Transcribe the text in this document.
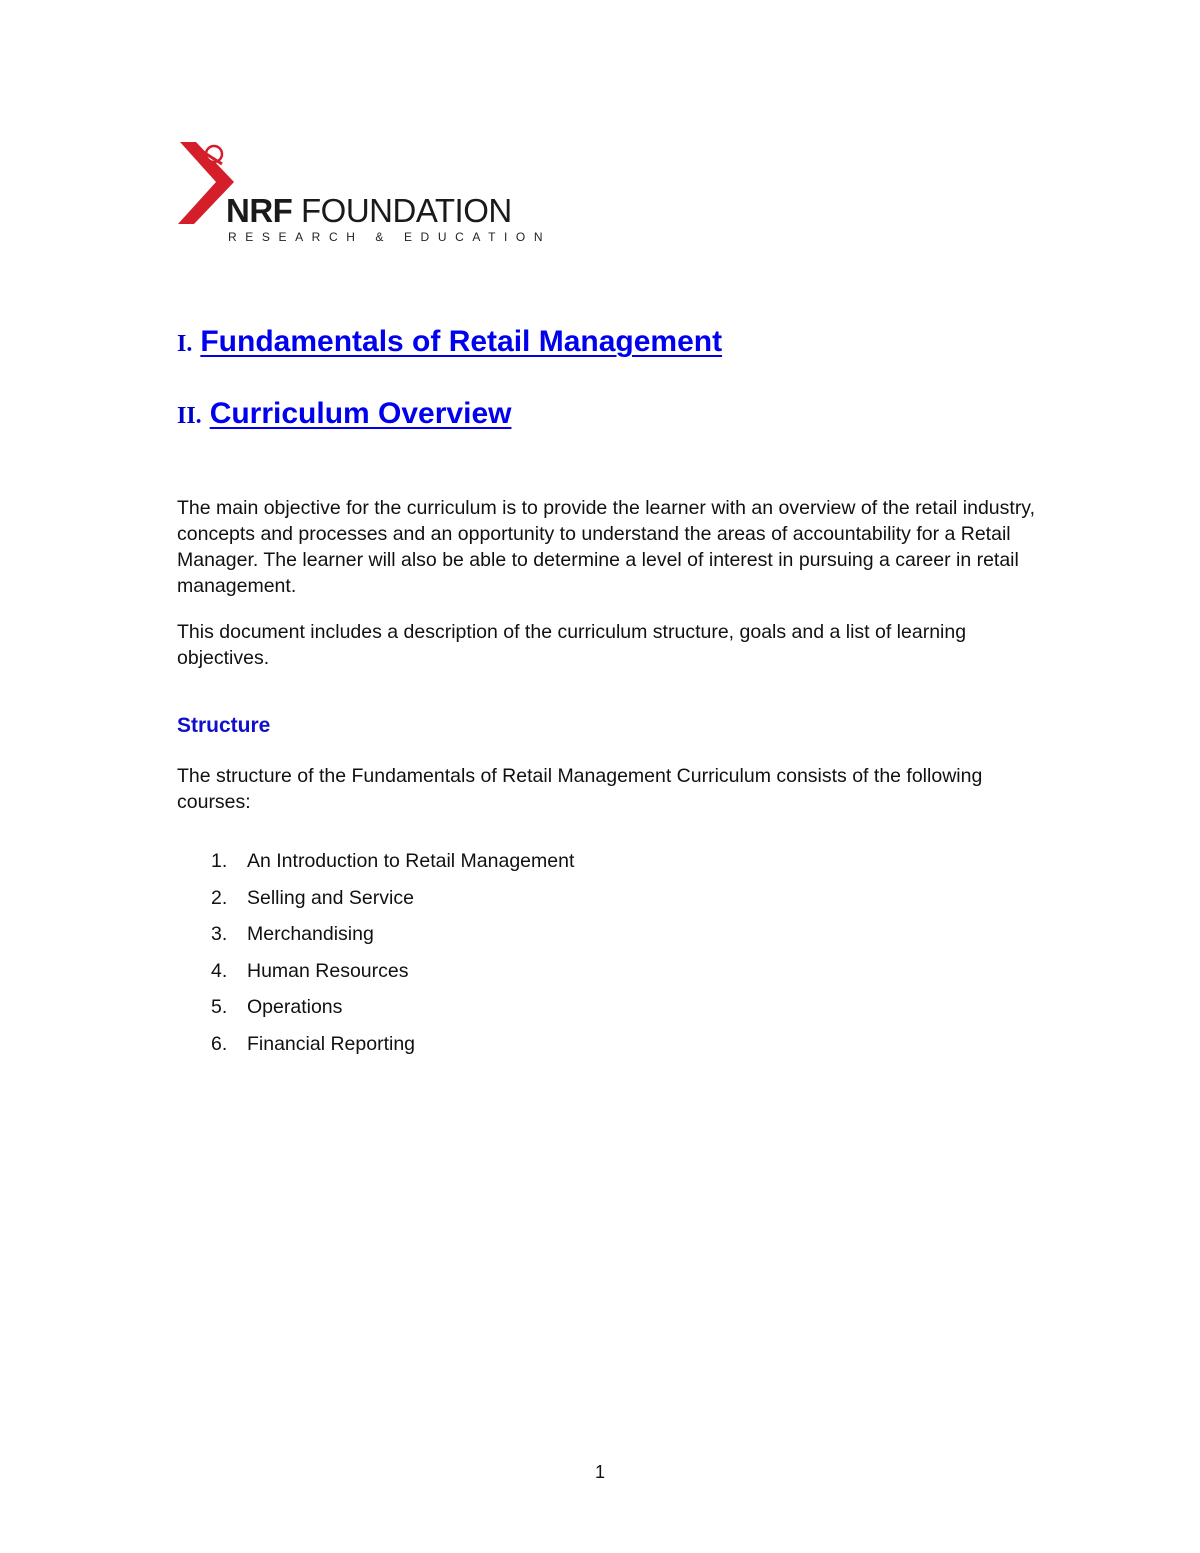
NRF FOUNDATION
RESEARCH & EDUCATION
I. Fundamentals of Retail Management
II. Curriculum Overview

The main objective for the curriculum is to provide the learner with an overview of the retail industry, concepts and processes and an opportunity to understand the areas of accountability for a Retail Manager. The learner will also be able to determine a level of interest in pursuing a career in retail management.

This document includes a description of the curriculum structure, goals and a list of learning objectives.

Structure

The structure of the Fundamentals of Retail Management Curriculum consists of the following courses:

1. An Introduction to Retail Management
2. Selling and Service
3. Merchandising
4. Human Resources
5. Operations
6. Financial Reporting
1
